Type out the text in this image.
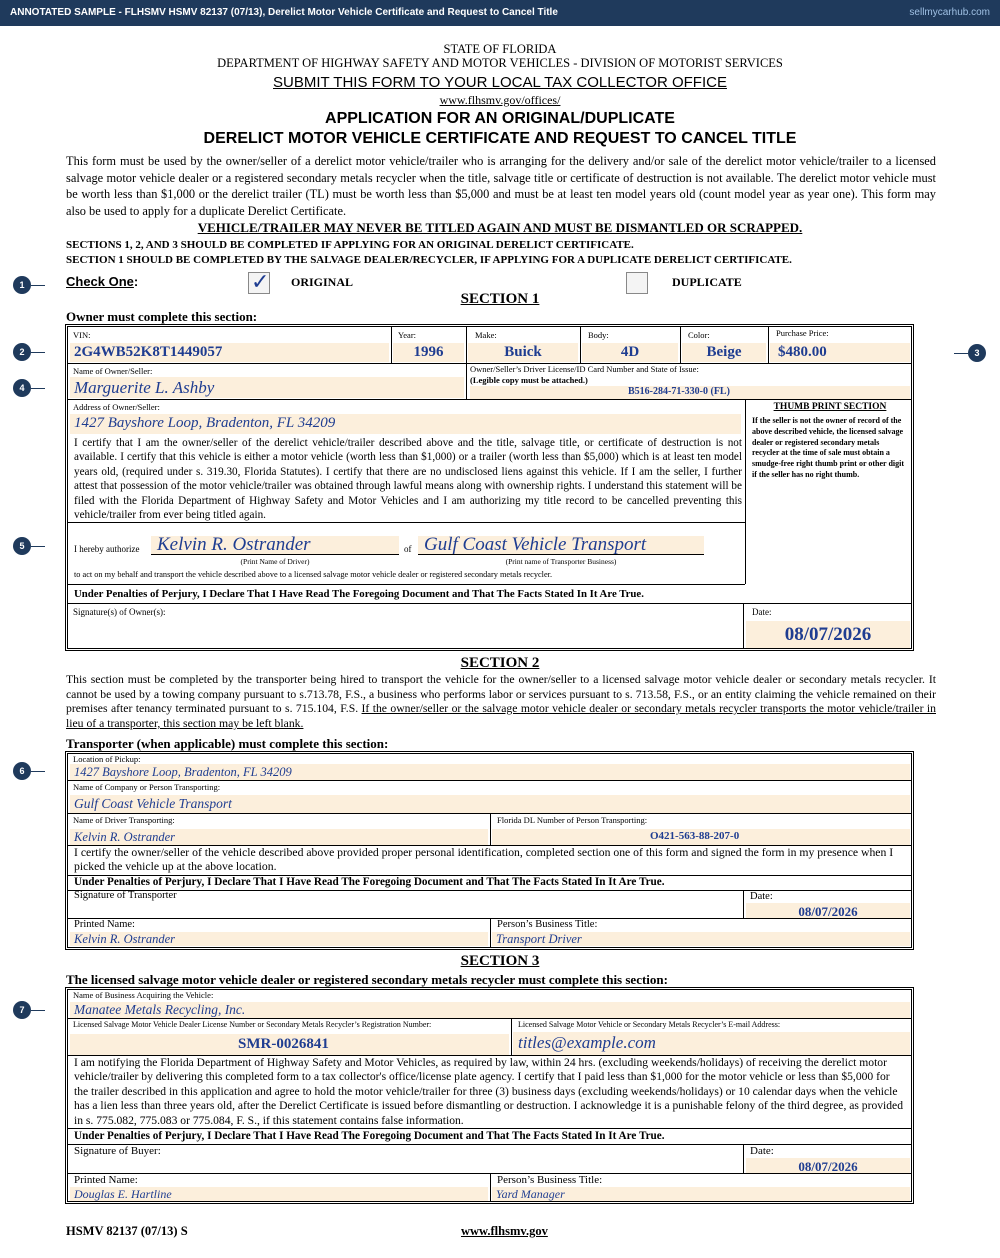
ANNOTATED SAMPLE - FLHSMV HSMV 82137 (07/13), Derelict Motor Vehicle Certificate and Request to Cancel Title	sellmycarhub.com
STATE OF FLORIDA
DEPARTMENT OF HIGHWAY SAFETY AND MOTOR VEHICLES - DIVISION OF MOTORIST SERVICES
SUBMIT THIS FORM TO YOUR LOCAL TAX COLLECTOR OFFICE
www.flhsmv.gov/offices/
APPLICATION FOR AN ORIGINAL/DUPLICATE
DERELICT MOTOR VEHICLE CERTIFICATE AND REQUEST TO CANCEL TITLE
This form must be used by the owner/seller of a derelict motor vehicle/trailer who is arranging for the delivery and/or sale of the derelict motor vehicle/trailer to a licensed salvage motor vehicle dealer or a registered secondary metals recycler when the title, salvage title or certificate of destruction is not available. The derelict motor vehicle must be worth less than $1,000 or the derelict trailer (TL) must be worth less than $5,000 and must be at least ten model years old (count model year as year one). This form may also be used to apply for a duplicate Derelict Certificate.
VEHICLE/TRAILER MAY NEVER BE TITLED AGAIN AND MUST BE DISMANTLED OR SCRAPPED.
SECTIONS 1, 2, AND 3 SHOULD BE COMPLETED IF APPLYING FOR AN ORIGINAL DERELICT CERTIFICATE.
SECTION 1 SHOULD BE COMPLETED BY THE SALVAGE DEALER/RECYCLER, IF APPLYING FOR A DUPLICATE DERELICT CERTIFICATE.
Check One:	✓ ORIGINAL	DUPLICATE
SECTION 1
Owner must complete this section:
VIN:
2G4WB52K8T1449057
Year:
1996
Make:
Buick
Body:
4D
Color:
Beige
Purchase Price:
$480.00
Name of Owner/Seller:
Marguerite L. Ashby
Owner/Seller’s Driver License/ID Card Number and State of Issue:
(Legible copy must be attached.)
B516-284-71-330-0 (FL)
Address of Owner/Seller:
1427 Bayshore Loop, Bradenton, FL 34209
I certify that I am the owner/seller of the derelict vehicle/trailer described above and the title, salvage title, or certificate of destruction is not available. I certify that this vehicle is either a motor vehicle (worth less than $1,000) or a trailer (worth less than $5,000) which is at least ten model years old, (required under s. 319.30, Florida Statutes). I certify that there are no undisclosed liens against this vehicle. If I am the seller, I further attest that possession of the motor vehicle/trailer was obtained through lawful means along with ownership rights. I understand this statement will be filed with the Florida Department of Highway Safety and Motor Vehicles and I am authorizing my title record to be cancelled preventing this vehicle/trailer from ever being titled again.
THUMB PRINT SECTION
If the seller is not the owner of record of the above described vehicle, the licensed salvage dealer or registered secondary metals recycler at the time of sale must obtain a smudge-free right thumb print or other digit if the seller has no right thumb.
I hereby authorize Kelvin R. Ostrander	of Gulf Coast Vehicle Transport
(Print Name of Driver)	(Print name of Transporter Business)
to act on my behalf and transport the vehicle described above to a licensed salvage motor vehicle dealer or registered secondary metals recycler.
Under Penalties of Perjury, I Declare That I Have Read The Foregoing Document and That The Facts Stated In It Are True.
Signature(s) of Owner(s):	Date:
08/07/2026
SECTION 2
This section must be completed by the transporter being hired to transport the vehicle for the owner/seller to a licensed salvage motor vehicle dealer or secondary metals recycler. It cannot be used by a towing company pursuant to s.713.78, F.S., a business who performs labor or services pursuant to s. 713.58, F.S., or an entity claiming the vehicle remained on their premises after tenancy terminated pursuant to s. 715.104, F.S. If the owner/seller or the salvage motor vehicle dealer or secondary metals recycler transports the motor vehicle/trailer in lieu of a transporter, this section may be left blank.
Transporter (when applicable) must complete this section:
Location of Pickup:
1427 Bayshore Loop, Bradenton, FL 34209
Name of Company or Person Transporting:
Gulf Coast Vehicle Transport
Name of Driver Transporting:
Kelvin R. Ostrander
Florida DL Number of Person Transporting:
O421-563-88-207-0
I certify the owner/seller of the vehicle described above provided proper personal identification, completed section one of this form and signed the form in my presence when I picked the vehicle up at the above location.
Under Penalties of Perjury, I Declare That I Have Read The Foregoing Document and That The Facts Stated In It Are True.
Signature of Transporter	Date:
08/07/2026
Printed Name:
Kelvin R. Ostrander
Person’s Business Title:
Transport Driver
SECTION 3
The licensed salvage motor vehicle dealer or registered secondary metals recycler must complete this section:
Name of Business Acquiring the Vehicle:
Manatee Metals Recycling, Inc.
Licensed Salvage Motor Vehicle Dealer License Number or Secondary Metals Recycler’s Registration Number:
SMR-0026841
Licensed Salvage Motor Vehicle or Secondary Metals Recycler’s E-mail Address:
titles@example.com
I am notifying the Florida Department of Highway Safety and Motor Vehicles, as required by law, within 24 hrs. (excluding weekends/holidays) of receiving the derelict motor vehicle/trailer by delivering this completed form to a tax collector's office/license plate agency. I certify that I paid less than $1,000 for the motor vehicle or less than $5,000 for the trailer described in this application and agree to hold the motor vehicle/trailer for three (3) business days (excluding weekends/holidays) or 10 calendar days when the vehicle has a lien less than three years old, after the Derelict Certificate is issued before dismantling or destruction. I acknowledge it is a punishable felony of the third degree, as provided in s. 775.082, 775.083 or 775.084, F. S., if this statement contains false information.
Under Penalties of Perjury, I Declare That I Have Read The Foregoing Document and That The Facts Stated In It Are True.
Signature of Buyer:	Date:
08/07/2026
Printed Name:
Douglas E. Hartline
Person’s Business Title:
Yard Manager
HSMV 82137 (07/13) S	www.flhsmv.gov
1
2	3
4
5
6
7
